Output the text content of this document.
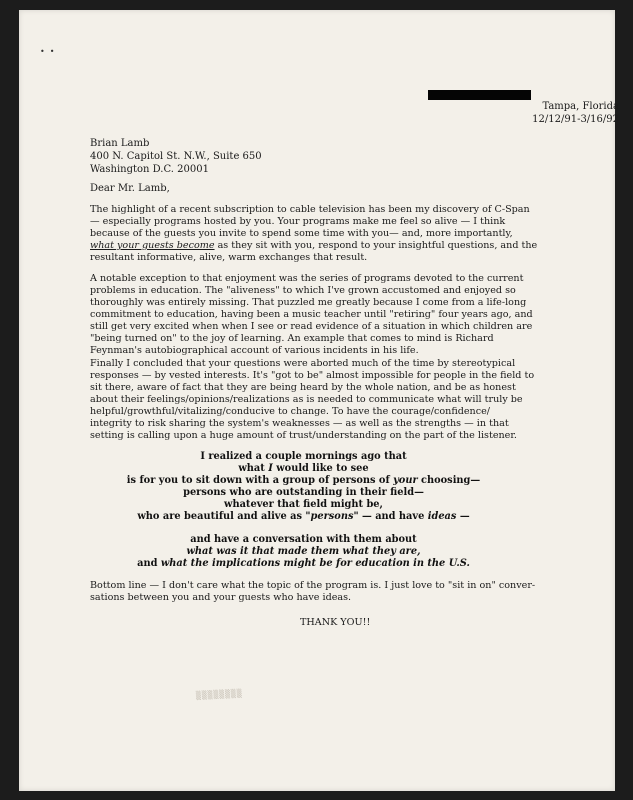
•  •
Tampa, Florida
12/12/91-3/16/92
Brian Lamb
400 N. Capitol St. N.W., Suite 650
Washington D.C. 20001
Dear Mr. Lamb,
The highlight of a recent subscription to cable television has been my discovery of C-Span
— especially programs hosted by you. Your programs make me feel so alive — I think
because of the guests you invite to spend some time with you— and, more importantly,
what your guests become as they sit with you, respond to your insightful questions, and the
resultant informative, alive, warm exchanges that result.
A notable exception to that enjoyment was the series of programs devoted to the current
problems in education. The "aliveness" to which I've grown accustomed and enjoyed so
thoroughly was entirely missing. That puzzled me greatly because I come from a life-long
commitment to education, having been a music teacher until "retiring" four years ago, and
still get very excited when when I see or read evidence of a situation in which children are
"being turned on" to the joy of learning. An example that comes to mind is Richard
Feynman's autobiographical account of various incidents in his life.
Finally I concluded that your questions were aborted much of the time by stereotypical
responses — by vested interests. It's "got to be" almost impossible for people in the field to
sit there, aware of fact that they are being heard by the whole nation, and be as honest
about their feelings/opinions/realizations as is needed to communicate what will truly be
helpful/growthful/vitalizing/conducive to change. To have the courage/confidence/
integrity to risk sharing the system's weaknesses — as well as the strengths — in that
setting is calling upon a huge amount of trust/understanding on the part of the listener.
I realized a couple mornings ago that
what I would like to see
is for you to sit down with a group of persons of your choosing—
persons who are outstanding in their field—
whatever that field might be,
who are beautiful and alive as "persons" — and have ideas —
and have a conversation with them about
what was it that made them what they are,
and what the implications might be for education in the U.S.
Bottom line — I don't care what the topic of the program is. I just love to "sit in on" conver-
sations between you and your guests who have ideas.
THANK YOU!!
▒▒▒▒▒▒▒▒
